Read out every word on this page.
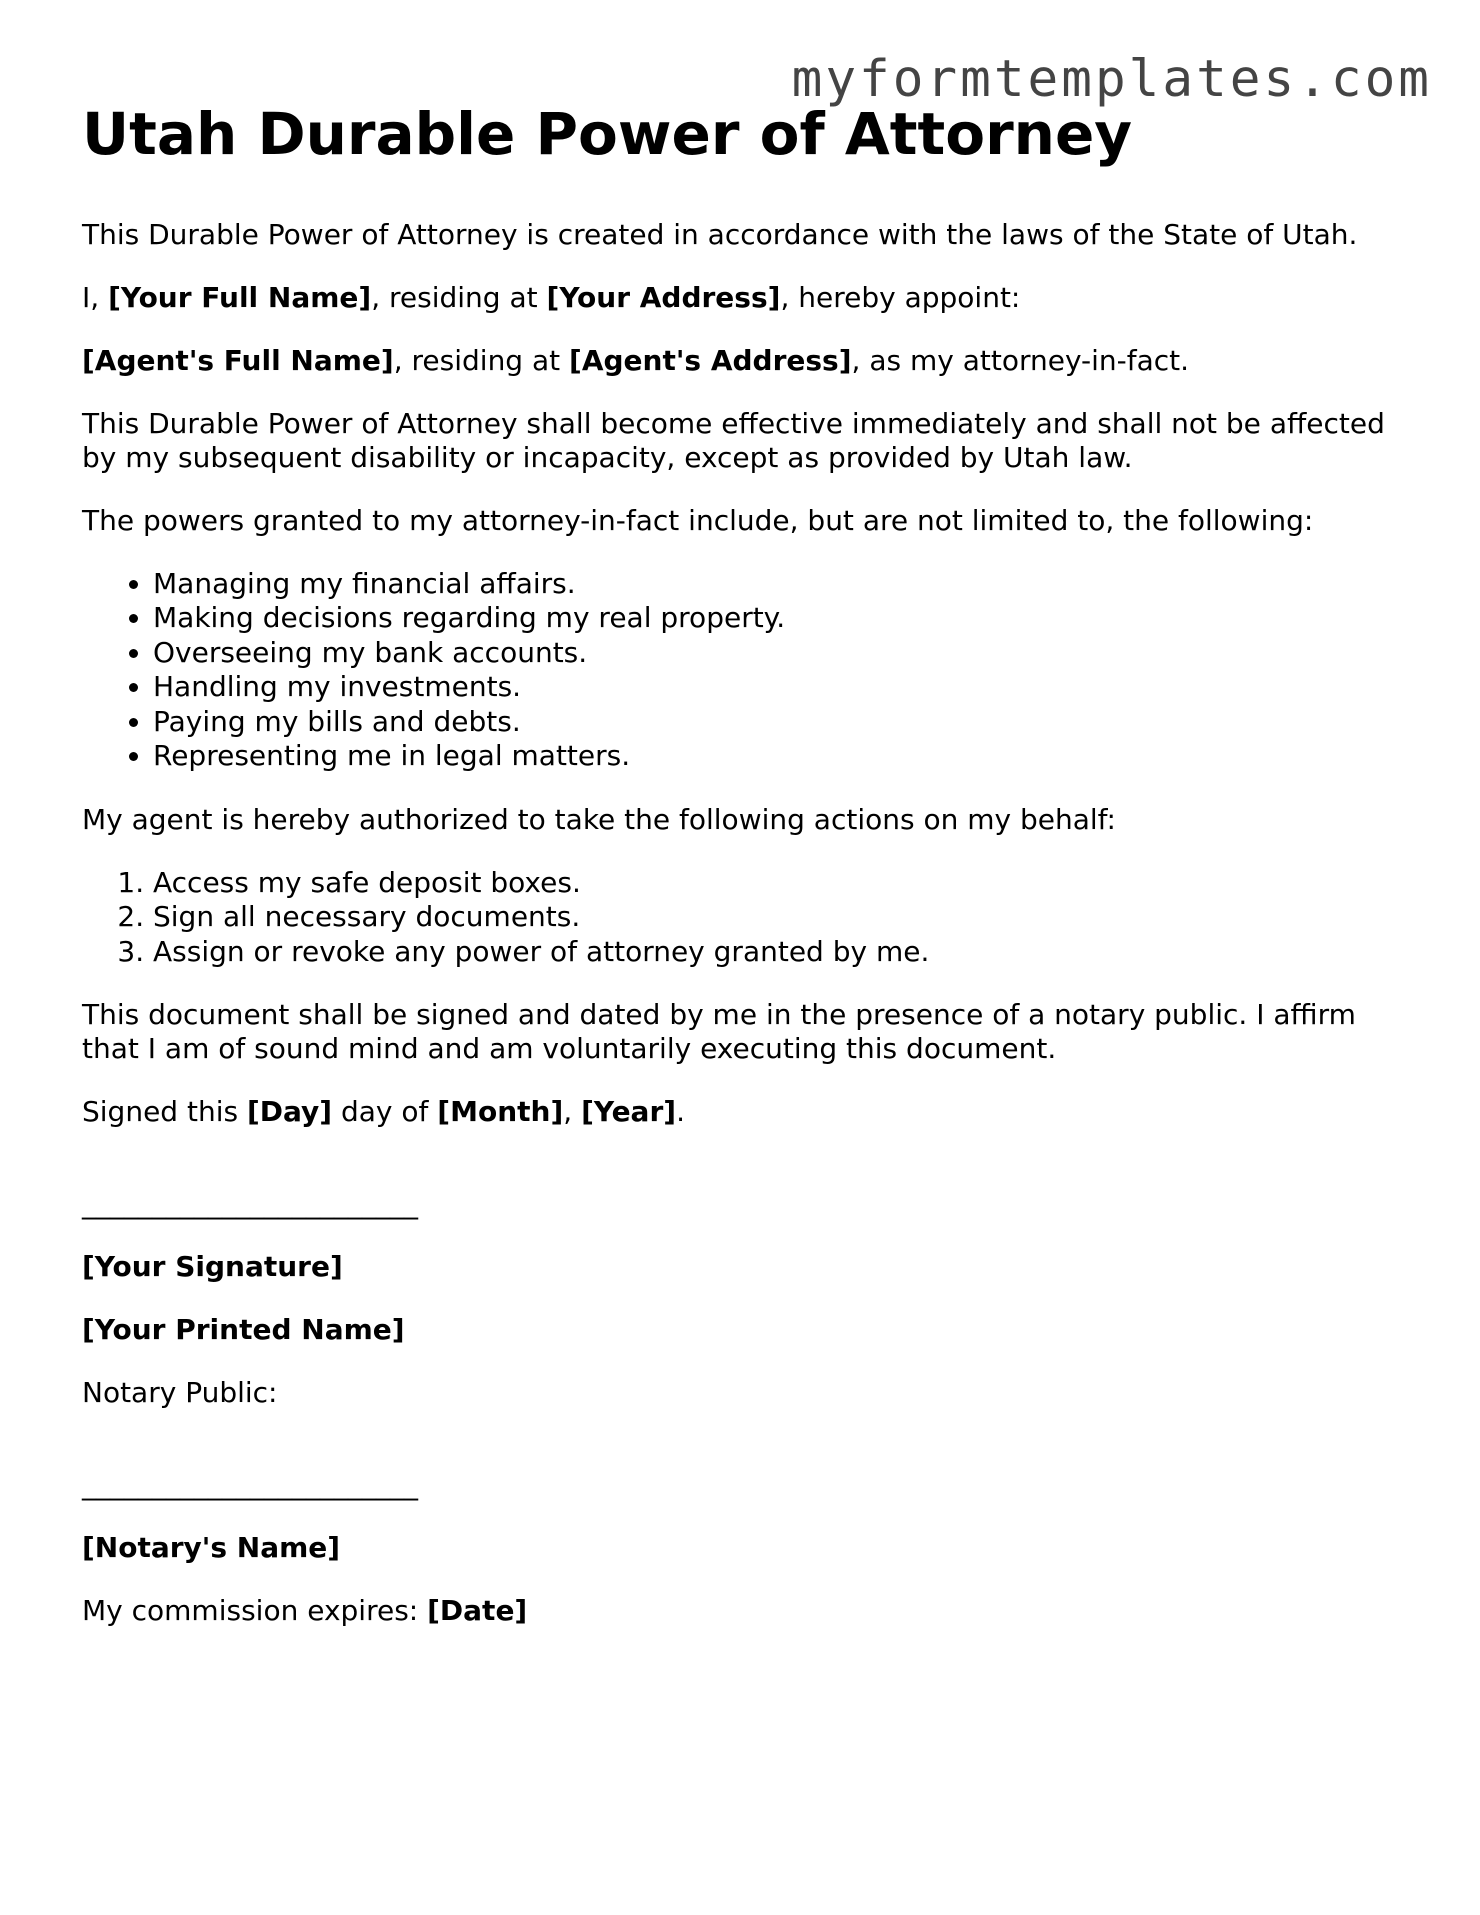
myformtemplates.com
Utah Durable Power of Attorney

This Durable Power of Attorney is created in accordance with the laws of the State of Utah.

I, [Your Full Name], residing at [Your Address], hereby appoint:

[Agent's Full Name], residing at [Agent's Address], as my attorney-in-fact.

This Durable Power of Attorney shall become effective immediately and shall not be affected by my subsequent disability or incapacity, except as provided by Utah law.

The powers granted to my attorney-in-fact include, but are not limited to, the following:

• Managing my financial affairs.
• Making decisions regarding my real property.
• Overseeing my bank accounts.
• Handling my investments.
• Paying my bills and debts.
• Representing me in legal matters.

My agent is hereby authorized to take the following actions on my behalf:

1. Access my safe deposit boxes.
2. Sign all necessary documents.
3. Assign or revoke any power of attorney granted by me.

This document shall be signed and dated by me in the presence of a notary public. I affirm that I am of sound mind and am voluntarily executing this document.

Signed this [Day] day of [Month], [Year].

________________________

[Your Signature]

[Your Printed Name]

Notary Public:

________________________

[Notary's Name]

My commission expires: [Date]
